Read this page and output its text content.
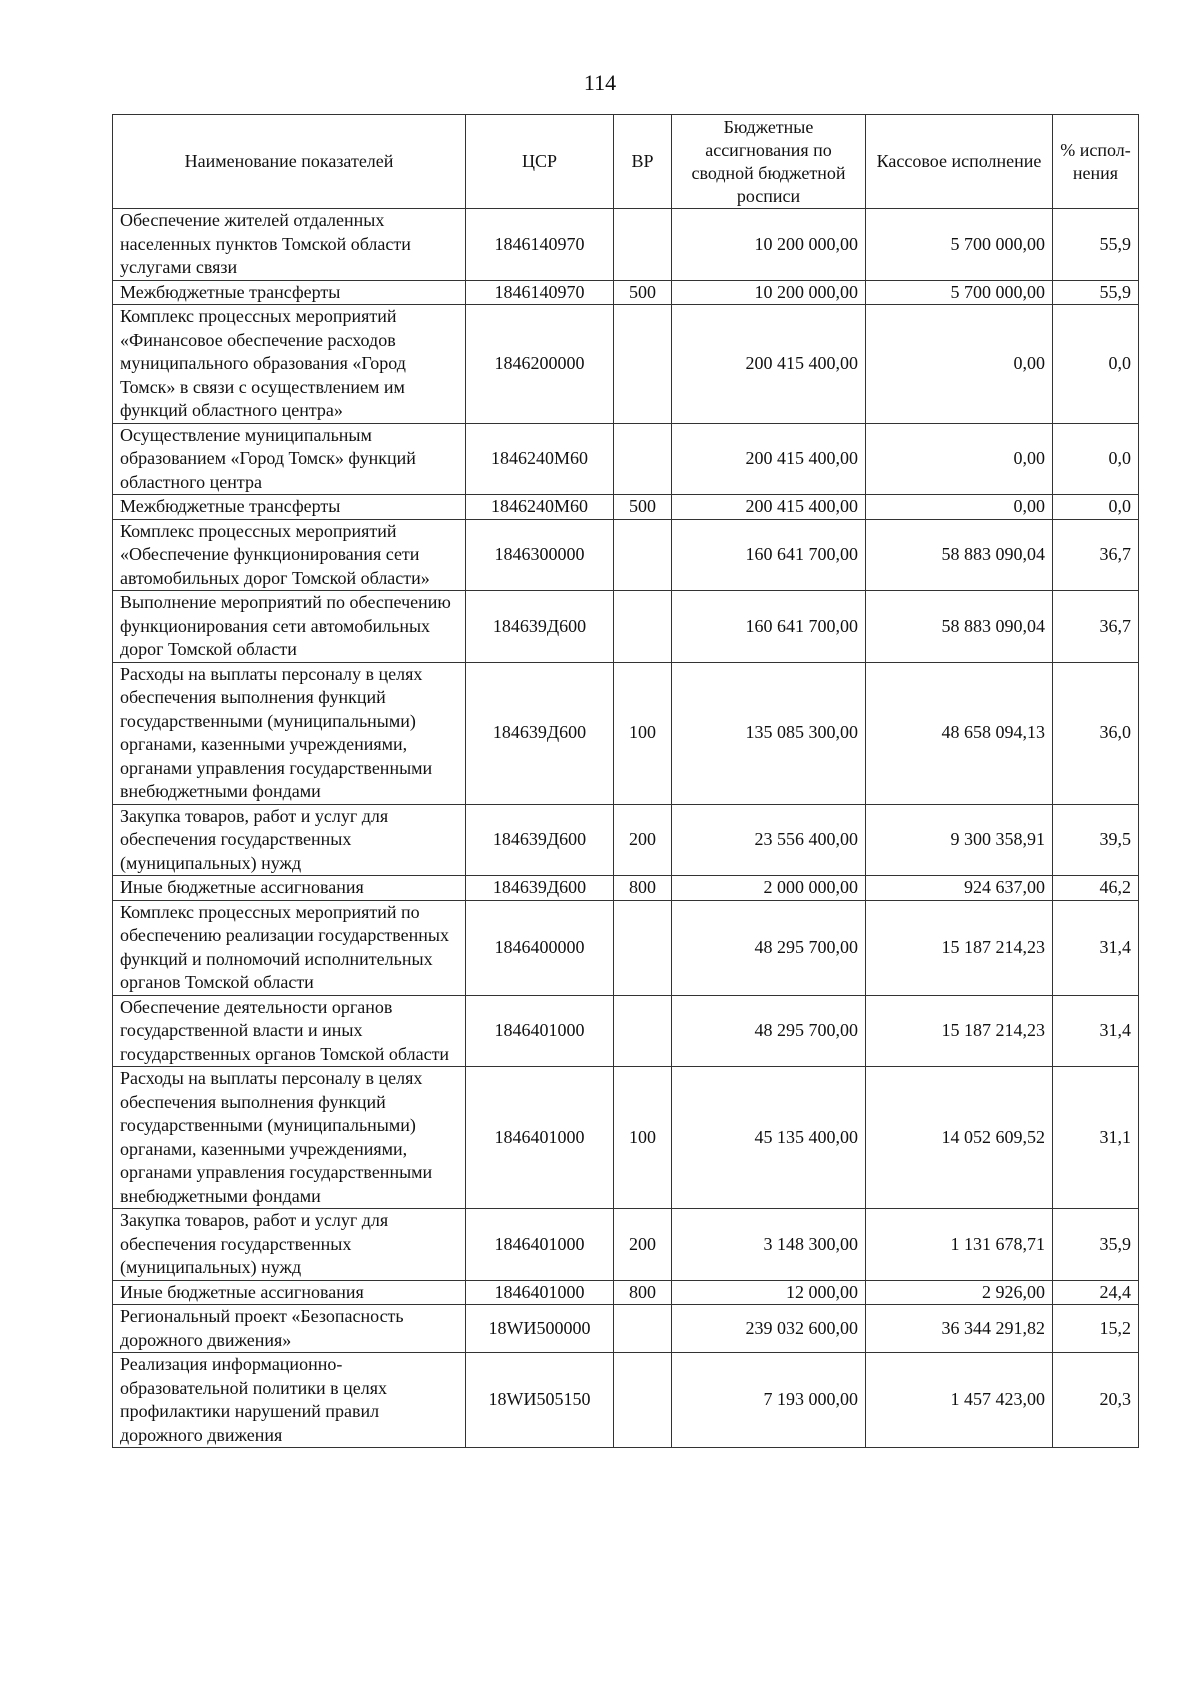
114
Наименование показателей	ЦСР	ВР	Бюджетные ассигнования по сводной бюджетной росписи	Кассовое исполнение	% испол-нения
Обеспечение жителей отдаленных населенных пунктов Томской области услугами связи	1846140970		10 200 000,00	5 700 000,00	55,9
Межбюджетные трансферты	1846140970	500	10 200 000,00	5 700 000,00	55,9
Комплекс процессных мероприятий «Финансовое обеспечение расходов муниципального образования «Город Томск» в связи с осуществлением им функций областного центра»	1846200000		200 415 400,00	0,00	0,0
Осуществление муниципальным образованием «Город Томск» функций областного центра	1846240М60		200 415 400,00	0,00	0,0
Межбюджетные трансферты	1846240М60	500	200 415 400,00	0,00	0,0
Комплекс процессных мероприятий «Обеспечение функционирования сети автомобильных дорог Томской области»	1846300000		160 641 700,00	58 883 090,04	36,7
Выполнение мероприятий по обеспечению функционирования сети автомобильных дорог Томской области	184639Д600		160 641 700,00	58 883 090,04	36,7
Расходы на выплаты персоналу в целях обеспечения выполнения функций государственными (муниципальными) органами, казенными учреждениями, органами управления государственными внебюджетными фондами	184639Д600	100	135 085 300,00	48 658 094,13	36,0
Закупка товаров, работ и услуг для обеспечения государственных (муниципальных) нужд	184639Д600	200	23 556 400,00	9 300 358,91	39,5
Иные бюджетные ассигнования	184639Д600	800	2 000 000,00	924 637,00	46,2
Комплекс процессных мероприятий по обеспечению реализации государственных функций и полномочий исполнительных органов Томской области	1846400000		48 295 700,00	15 187 214,23	31,4
Обеспечение деятельности органов государственной власти и иных государственных органов Томской области	1846401000		48 295 700,00	15 187 214,23	31,4
Расходы на выплаты персоналу в целях обеспечения выполнения функций государственными (муниципальными) органами, казенными учреждениями, органами управления государственными внебюджетными фондами	1846401000	100	45 135 400,00	14 052 609,52	31,1
Закупка товаров, работ и услуг для обеспечения государственных (муниципальных) нужд	1846401000	200	3 148 300,00	1 131 678,71	35,9
Иные бюджетные ассигнования	1846401000	800	12 000,00	2 926,00	24,4
Региональный проект «Безопасность дорожного движения»	18WИ500000		239 032 600,00	36 344 291,82	15,2
Реализация информационно-образовательной политики в целях профилактики нарушений правил дорожного движения	18WИ505150		7 193 000,00	1 457 423,00	20,3
